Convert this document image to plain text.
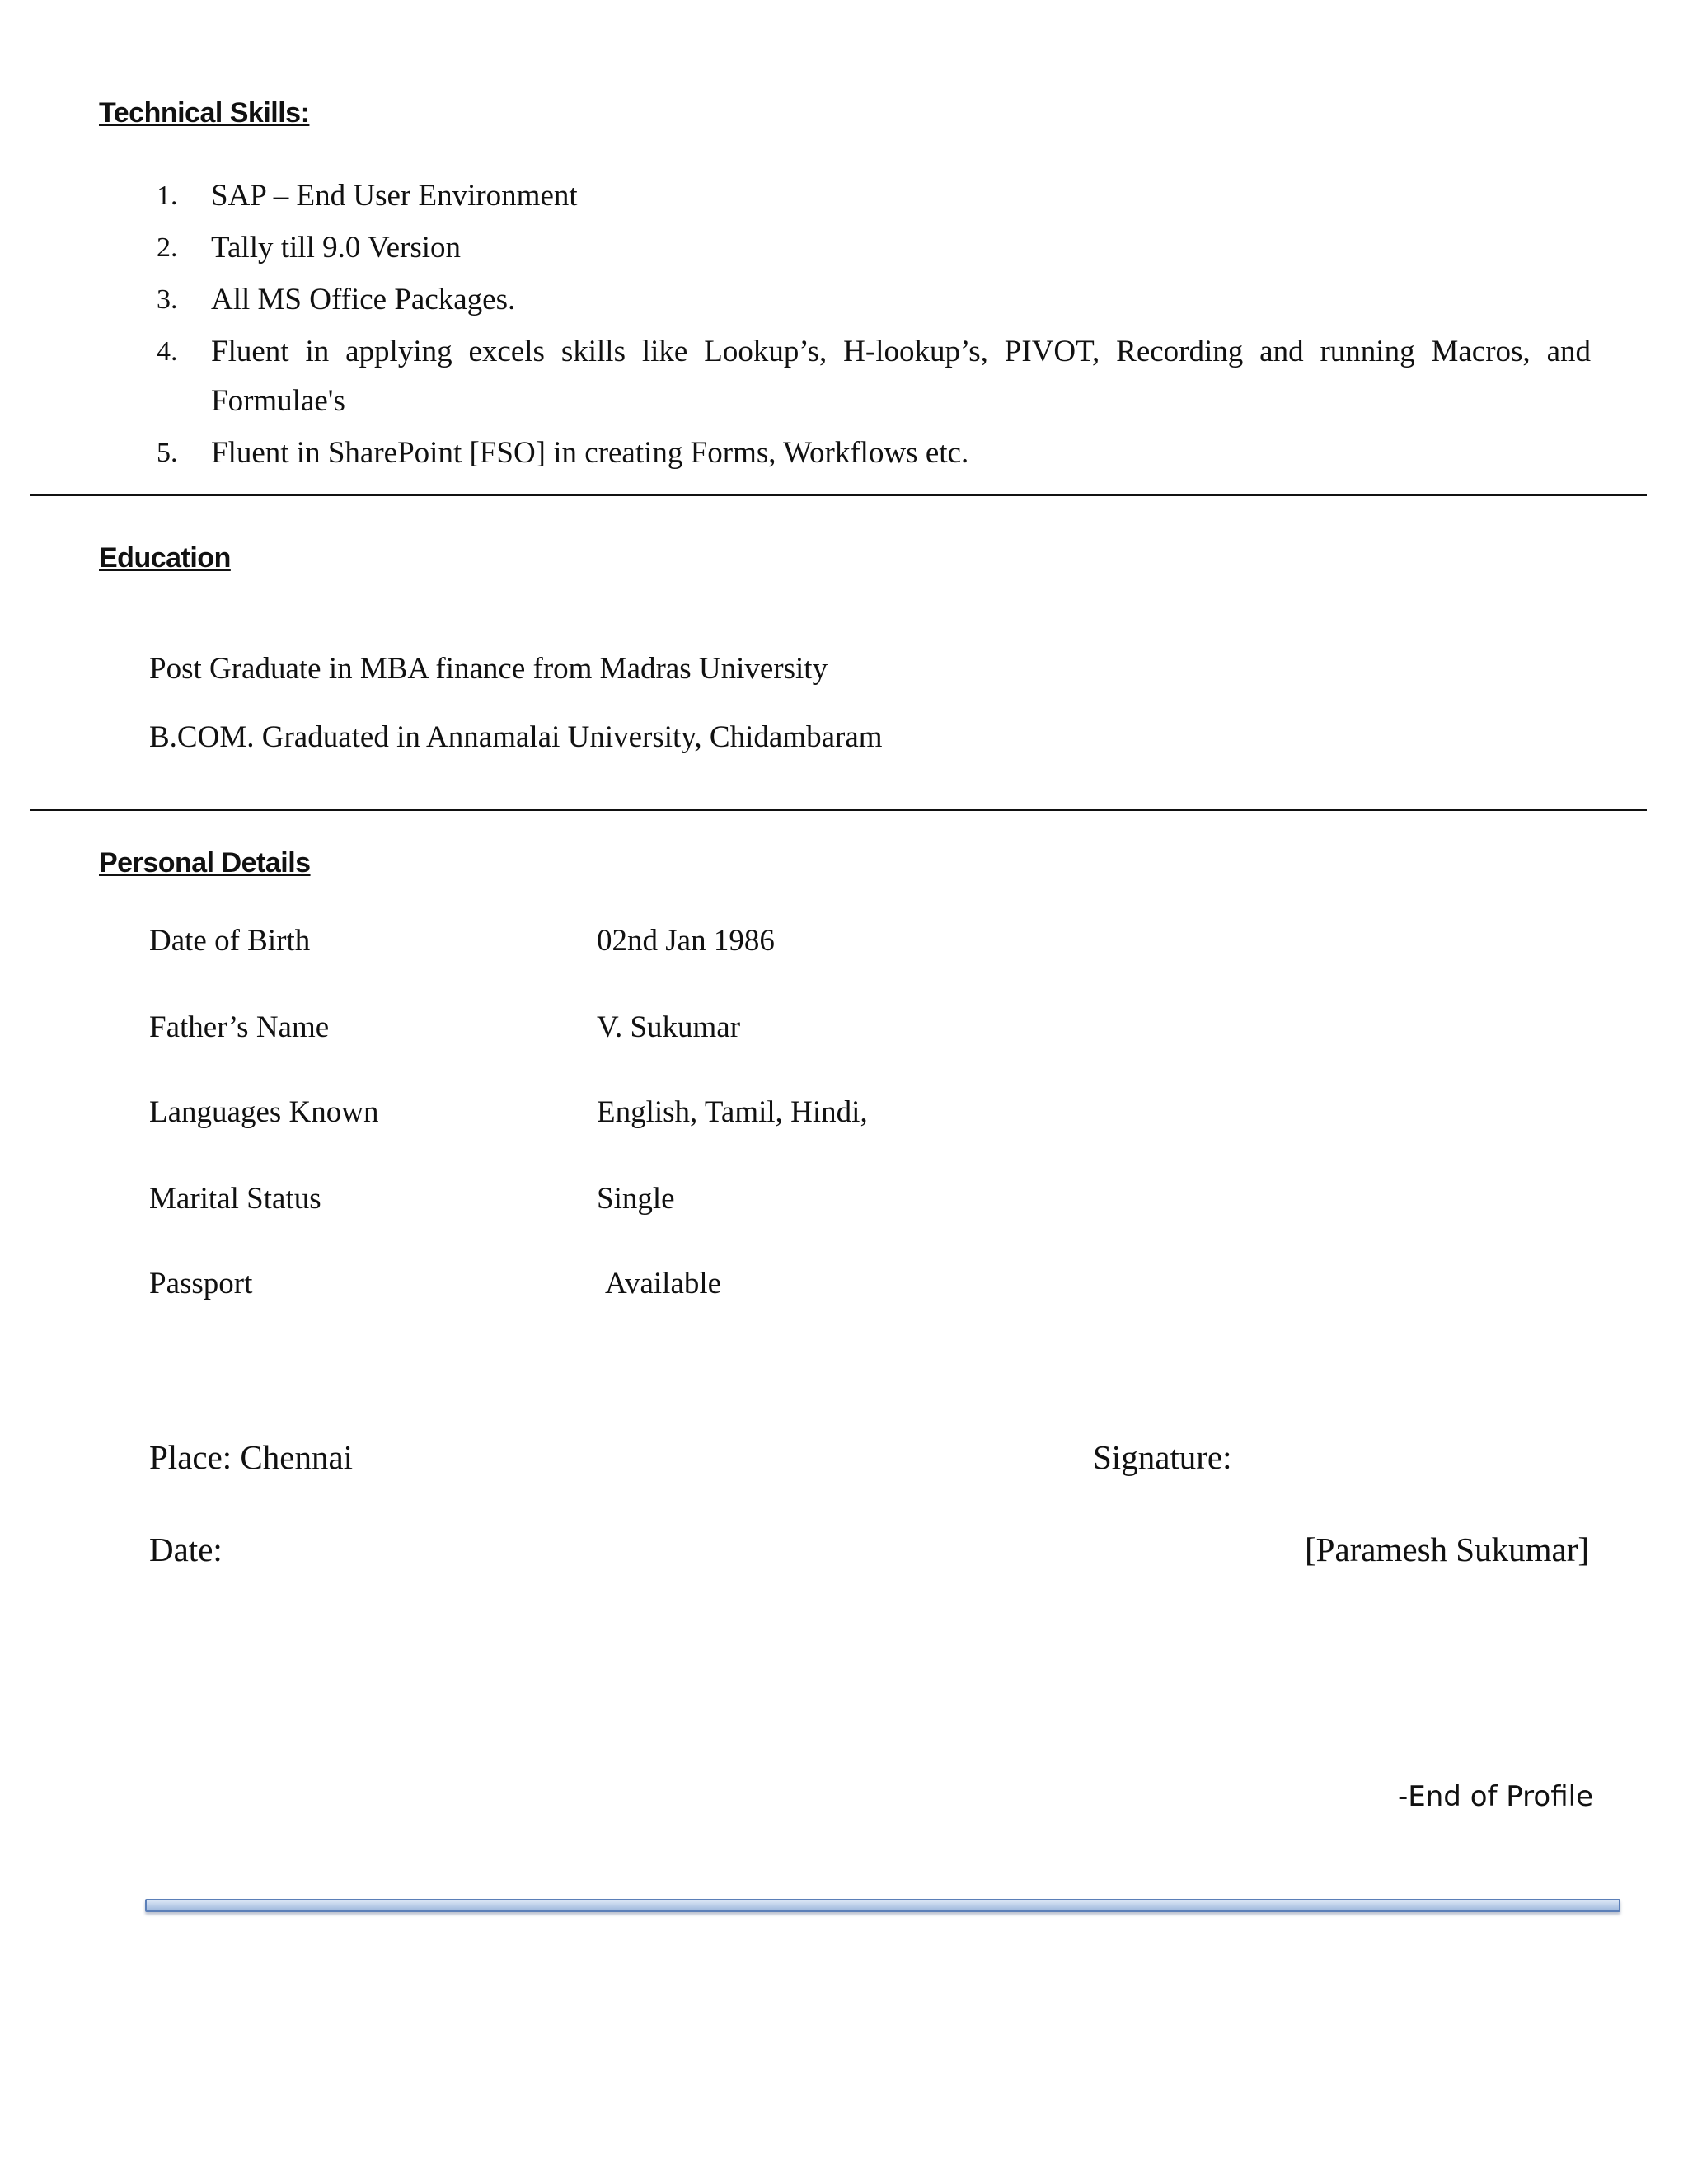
Technical Skills:
1. SAP – End User Environment
2. Tally till 9.0 Version
3. All MS Office Packages.
4. Fluent in applying excels skills like Lookup’s, H-lookup’s, PIVOT, Recording and running Macros, and Formulae's
5. Fluent in SharePoint [FSO] in creating Forms, Workflows etc.
Education
Post Graduate in MBA finance from Madras University
B.COM. Graduated in Annamalai University, Chidambaram
Personal Details
Date of Birth	02nd Jan 1986
Father’s Name	V. Sukumar
Languages Known	English, Tamil, Hindi,
Marital Status	Single
Passport	Available
Place: Chennai	Signature:
Date:	[Paramesh Sukumar]
-End of Profile
